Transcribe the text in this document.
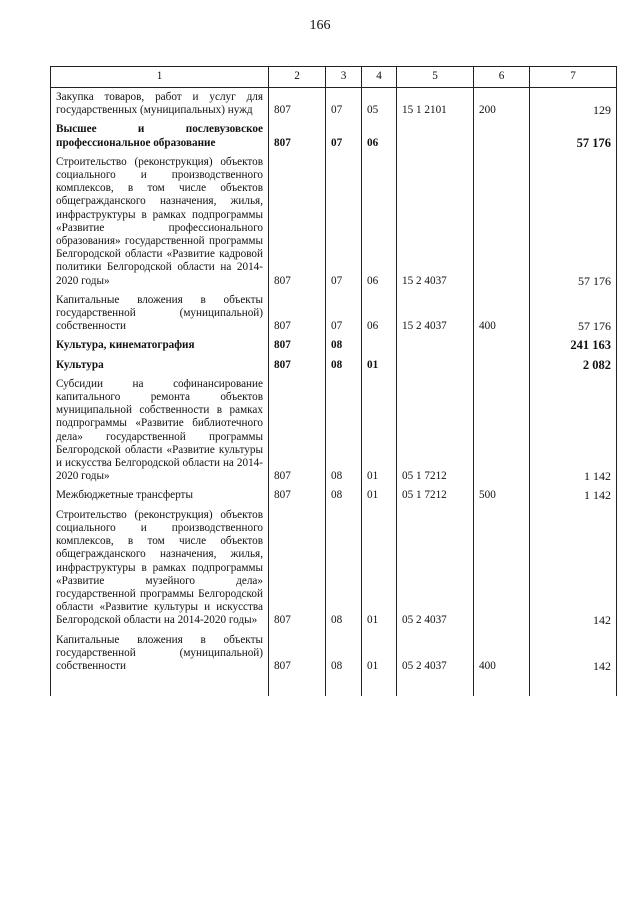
166
1	2	3	4	5	6	7
Закупка товаров, работ и услуг для государственных (муниципальных) нужд	807	07	05	15 1 2101	200	129
Высшее и послевузовское профессиональное образование	807	07	06			57 176
Строительство (реконструкция) объектов социального и производственного комплексов, в том числе объектов общегражданского назначения, жилья, инфраструктуры в рамках подпрограммы «Развитие профессионального образования» государственной программы Белгородской области «Развитие кадровой политики Белгородской области на 2014-2020 годы»	807	07	06	15 2 4037		57 176
Капитальные вложения в объекты государственной (муниципальной) собственности	807	07	06	15 2 4037	400	57 176
Культура, кинематография	807	08				241 163
Культура	807	08	01			2 082
Субсидии на софинансирование капитального ремонта объектов муниципальной собственности в рамках подпрограммы «Развитие библиотечного дела» государственной программы Белгородской области «Развитие культуры и искусства Белгородской области на 2014-2020 годы»	807	08	01	05 1 7212		1 142
Межбюджетные трансферты	807	08	01	05 1 7212	500	1 142
Строительство (реконструкция) объектов социального и производственного комплексов, в том числе объектов общегражданского назначения, жилья, инфраструктуры в рамках подпрограммы «Развитие музейного дела» государственной программы Белгородской области «Развитие культуры и искусства Белгородской области на 2014-2020 годы»	807	08	01	05 2 4037		142
Капитальные вложения в объекты государственной (муниципальной) собственности	807	08	01	05 2 4037	400	142
